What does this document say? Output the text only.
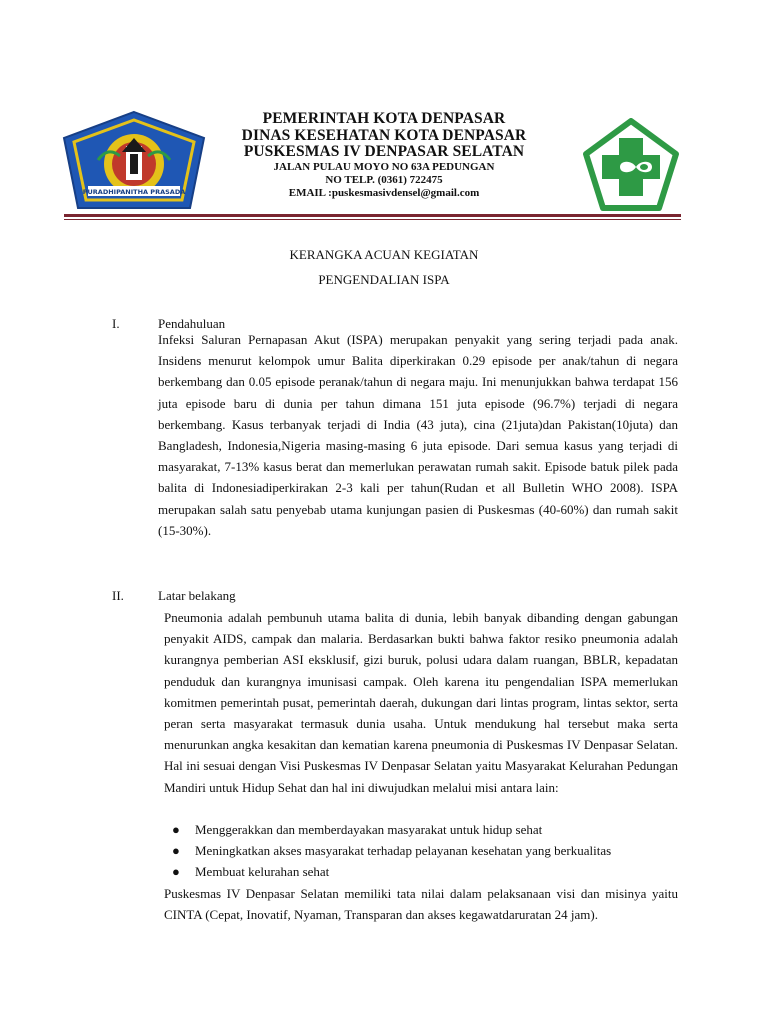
PURADHIPANITHA PRASADA
PEMERINTAH KOTA DENPASAR
DINAS KESEHATAN KOTA DENPASAR
PUSKESMAS IV DENPASAR SELATAN
JALAN PULAU MOYO NO 63A PEDUNGAN
NO TELP. (0361) 722475
EMAIL :puskesmasivdensel@gmail.com
KERANGKA ACUAN KEGIATAN
PENGENDALIAN ISPA
I.	Pendahuluan
Infeksi Saluran Pernapasan Akut (ISPA) merupakan penyakit yang sering terjadi pada anak. Insidens menurut kelompok umur Balita diperkirakan 0.29 episode per anak/tahun di negara berkembang dan 0.05 episode peranak/tahun di negara maju. Ini menunjukkan bahwa terdapat 156 juta episode baru di dunia per tahun dimana 151 juta episode (96.7%) terjadi di negara berkembang. Kasus terbanyak terjadi di India (43 juta), cina (21juta)dan Pakistan(10juta) dan Bangladesh, Indonesia,Nigeria masing-masing 6 juta episode. Dari semua kasus yang terjadi di masyarakat, 7-13% kasus berat dan memerlukan perawatan rumah sakit. Episode batuk pilek pada balita di Indonesiadiperkirakan 2-3 kali per tahun(Rudan et all Bulletin WHO 2008). ISPA merupakan salah satu penyebab utama kunjungan pasien di Puskesmas (40-60%) dan rumah sakit (15-30%).
II.	Latar belakang
Pneumonia adalah pembunuh utama balita di dunia, lebih banyak dibanding dengan gabungan penyakit AIDS, campak dan malaria. Berdasarkan bukti bahwa faktor resiko pneumonia adalah kurangnya pemberian ASI eksklusif, gizi buruk, polusi udara dalam ruangan, BBLR, kepadatan penduduk dan kurangnya imunisasi campak. Oleh karena itu pengendalian ISPA memerlukan komitmen pemerintah pusat, pemerintah daerah, dukungan dari lintas program, lintas sektor, serta peran serta masyarakat termasuk dunia usaha. Untuk mendukung hal tersebut maka serta menurunkan angka kesakitan dan kematian karena pneumonia di Puskesmas IV Denpasar Selatan. Hal ini sesuai dengan Visi Puskesmas IV Denpasar Selatan yaitu Masyarakat Kelurahan Pedungan Mandiri untuk Hidup Sehat dan hal ini diwujudkan melalui misi antara lain:
● Menggerakkan dan memberdayakan masyarakat untuk hidup sehat
● Meningkatkan akses masyarakat terhadap pelayanan kesehatan yang berkualitas
● Membuat kelurahan sehat
Puskesmas IV Denpasar Selatan memiliki tata nilai dalam pelaksanaan visi dan misinya yaitu CINTA (Cepat, Inovatif, Nyaman, Transparan dan akses kegawatdaruratan 24 jam).
